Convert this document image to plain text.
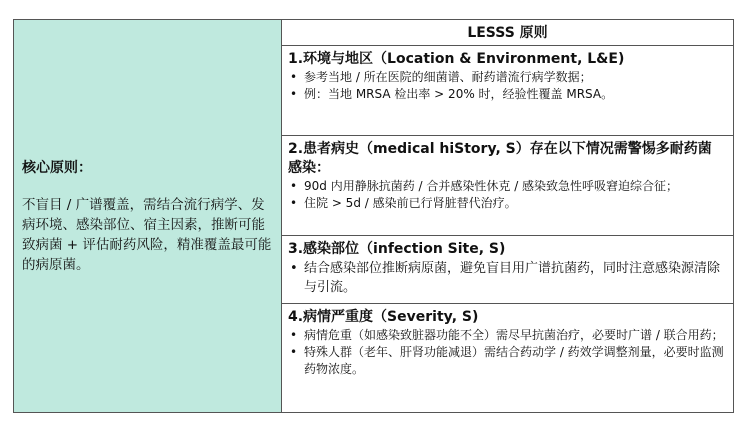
核心原则：
不盲目 / 广谱覆盖，需结合流行病学、发病环境、感染部位、宿主因素，推断可能致病菌 + 评估耐药风险，精准覆盖最可能的病原菌。
LESSS 原则
1.环境与地区（Location & Environment, L&E)
• 参考当地 / 所在医院的细菌谱、耐药谱流行病学数据；
• 例：当地 MRSA 检出率 > 20% 时，经验性覆盖 MRSA。
2.患者病史（medical hiStory, S）存在以下情况需警惕多耐药菌感染：
• 90d 内用静脉抗菌药 / 合并感染性休克 / 感染致急性呼吸窘迫综合征；
• 住院 > 5d / 感染前已行肾脏替代治疗。
3.感染部位（infection Site, S)
• 结合感染部位推断病原菌，避免盲目用广谱抗菌药，同时注意感染源清除与引流。
4.病情严重度（Severity, S)
• 病情危重（如感染致脏器功能不全）需尽早抗菌治疗，必要时广谱 / 联合用药；
• 特殊人群（老年、肝肾功能减退）需结合药动学 / 药效学调整剂量，必要时监测药物浓度。
